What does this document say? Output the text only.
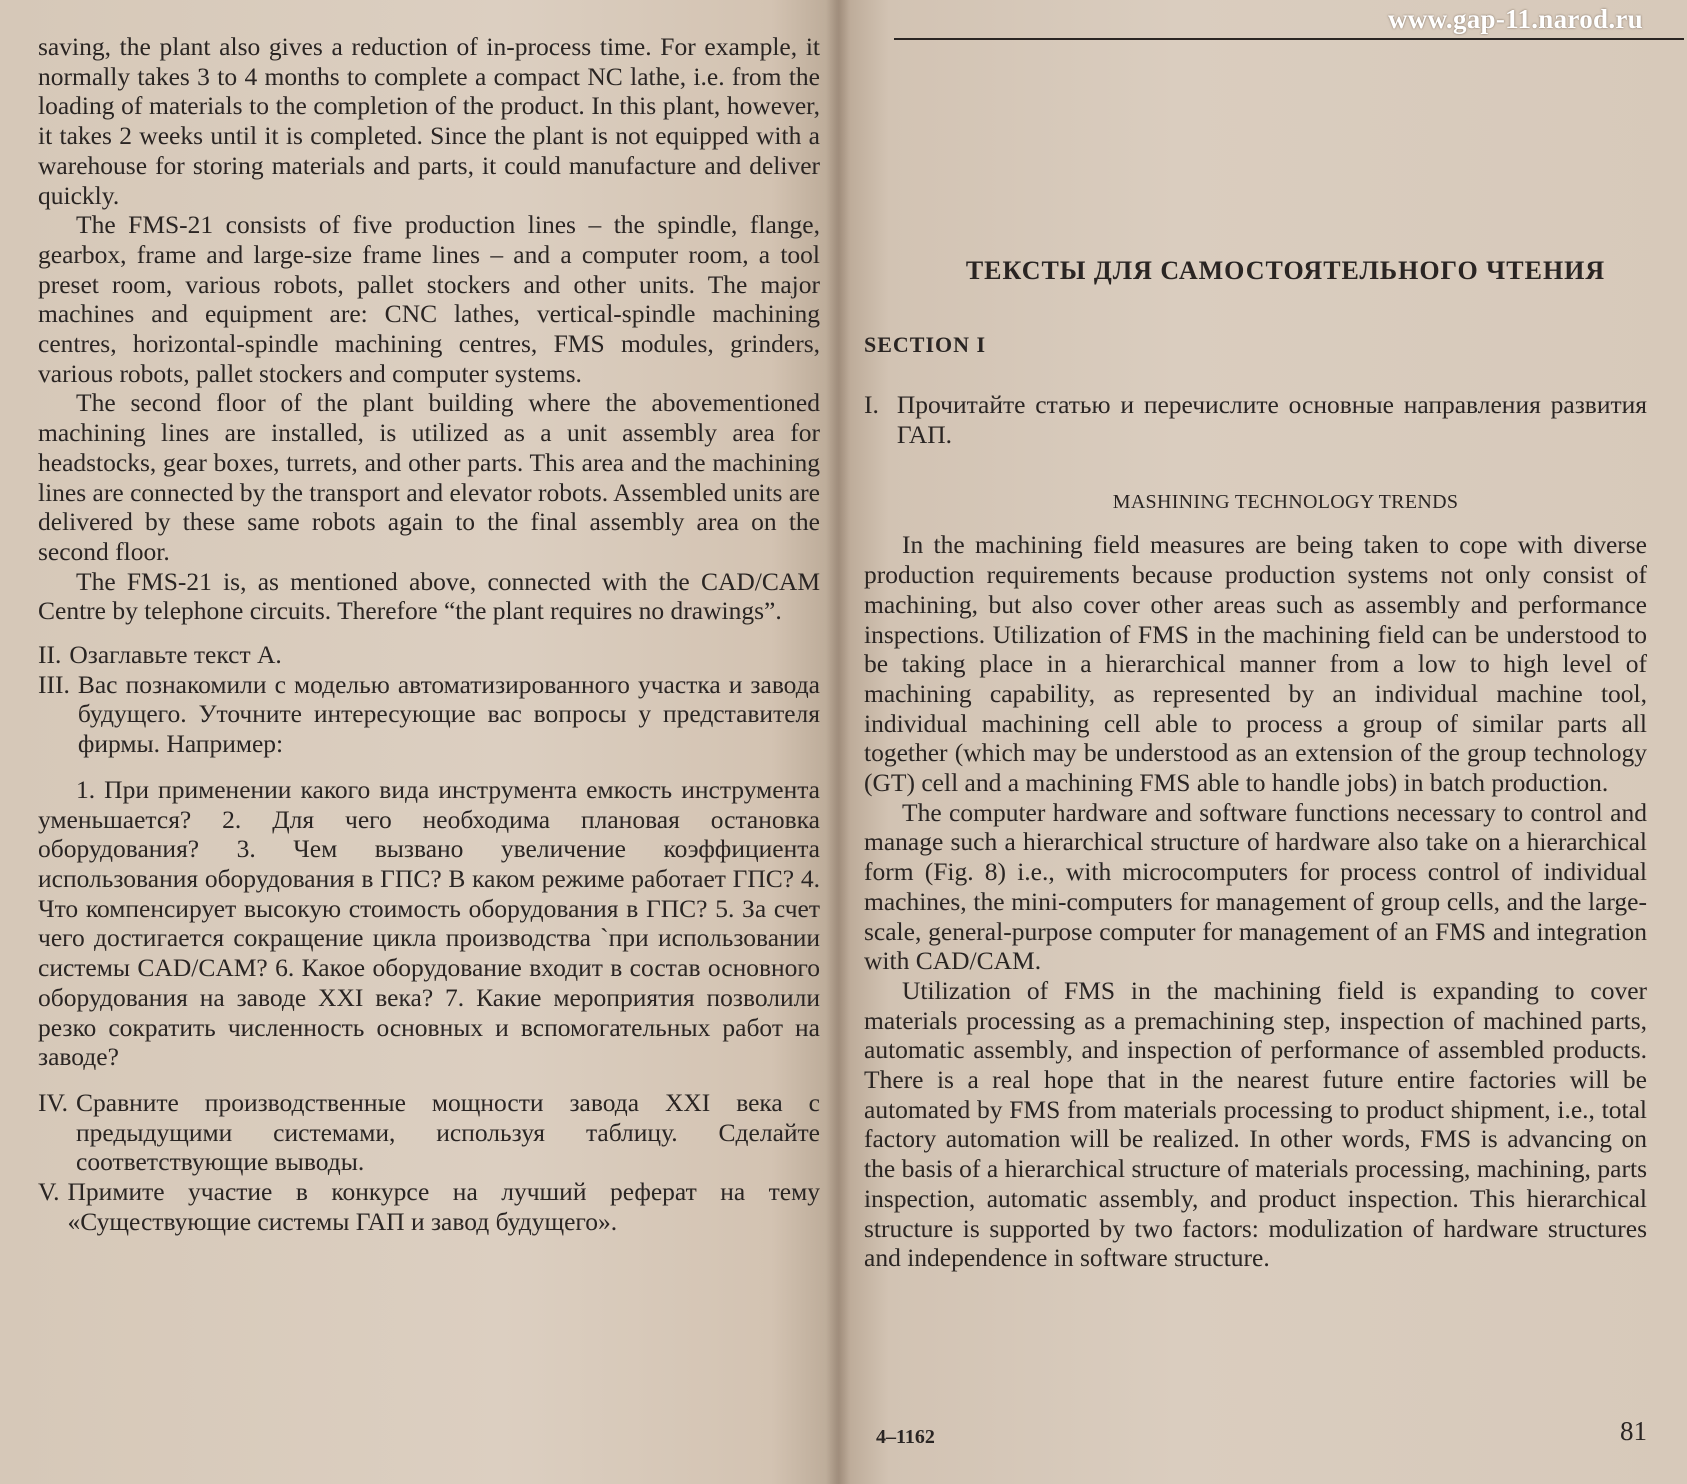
saving, the plant also gives a reduction of in-process time. For example, it normally takes 3 to 4 months to complete a compact NC lathe, i.e. from the loading of materials to the completion of the product. In this plant, however, it takes 2 weeks until it is completed. Since the plant is not equipped with a warehouse for storing materials and parts, it could manufacture and deliver quickly.

The FMS-21 consists of five production lines – the spindle, flange, gearbox, frame and large-size frame lines – and a computer room, a tool preset room, various robots, pallet stockers and other units. The major machines and equipment are: CNC lathes, vertical-spindle machining centres, horizontal-spindle machining centres, FMS modules, grinders, various robots, pallet stockers and computer systems.

The second floor of the plant building where the abovementioned machining lines are installed, is utilized as a unit assembly area for headstocks, gear boxes, turrets, and other parts. This area and the machining lines are connected by the transport and elevator robots. Assembled units are delivered by these same robots again to the final assembly area on the second floor.

The FMS-21 is, as mentioned above, connected with the CAD/CAM Centre by telephone circuits. Therefore “the plant requires no drawings”.

II. Озаглавьте текст А.
III. Вас познакомили с моделью автоматизированного участка и завода будущего. Уточните интересующие вас вопросы у представителя фирмы. Например:

1. При применении какого вида инструмента емкость инструмента уменьшается? 2. Для чего необходима плановая остановка оборудования? 3. Чем вызвано увеличение коэффициента использования оборудования в ГПС? В каком режиме работает ГПС? 4. Что компенсирует высокую стоимость оборудования в ГПС? 5. За счет чего достигается сокращение цикла производства `при использовании системы CAD/CAM? 6. Какое оборудование входит в состав основного оборудования на заводе XXI века? 7. Какие мероприятия позволили резко сократить численность основных и вспомогательных работ на заводе?

IV. Сравните производственные мощности завода XXI века с предыдущими системами, используя таблицу. Сделайте соответствующие выводы.
V. Примите участие в конкурсе на лучший реферат на тему «Существующие системы ГАП и завод будущего».
www.gap-11.narod.ru
ТЕКСТЫ ДЛЯ САМОСТОЯТЕЛЬНОГО ЧТЕНИЯ
SECTION I
I. Прочитайте статью и перечислите основные направления развития ГАП.
MASHINING TECHNOLOGY TRENDS

In the machining field measures are being taken to cope with diverse production requirements because production systems not only consist of machining, but also cover other areas such as assembly and performance inspections. Utilization of FMS in the machining field can be understood to be taking place in a hierarchical manner from a low to high level of machining capability, as represented by an individual machine tool, individual machining cell able to process a group of similar parts all together (which may be understood as an extension of the group technology (GT) cell and a machining FMS able to handle jobs) in batch production.

The computer hardware and software functions necessary to control and manage such a hierarchical structure of hardware also take on a hierarchical form (Fig. 8) i.e., with microcomputers for process control of individual machines, the mini-computers for management of group cells, and the large-scale, general-purpose computer for management of an FMS and integration with CAD/CAM.

Utilization of FMS in the machining field is expanding to cover materials processing as a premachining step, inspection of machined parts, automatic assembly, and inspection of performance of assembled products. There is a real hope that in the nearest future entire factories will be automated by FMS from materials processing to product shipment, i.e., total factory automation will be realized. In other words, FMS is advancing on the basis of a hierarchical structure of materials processing, machining, parts inspection, automatic assembly, and product inspection. This hierarchical structure is supported by two factors: modulization of hardware structures and independence in software structure.

4–1162	81
